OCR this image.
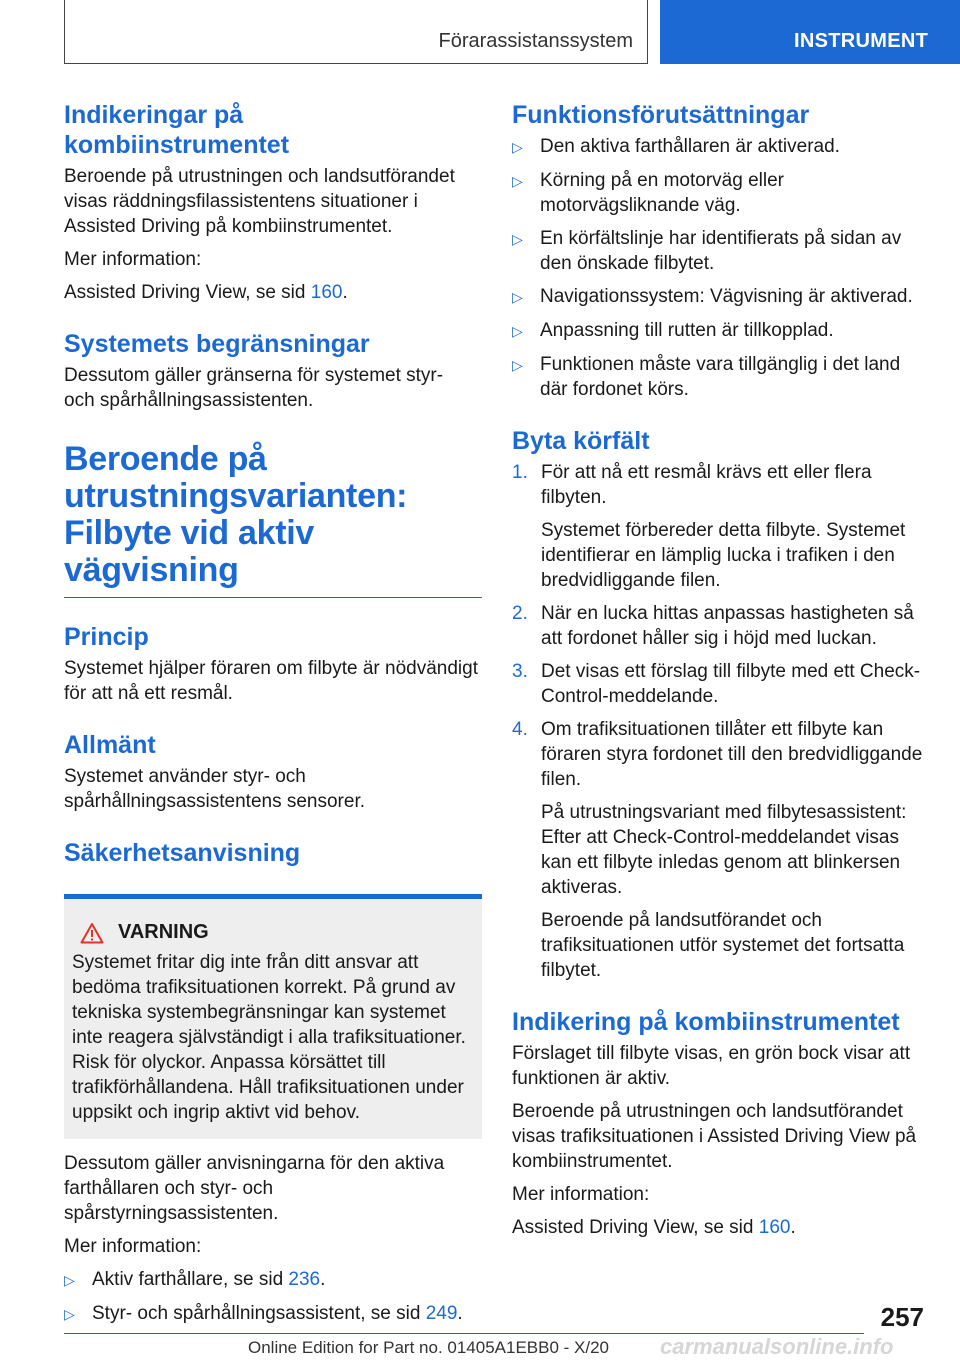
Förarassistanssystem	INSTRUMENT
Indikeringar på kombiinstrumentet

Beroende på utrustningen och landsutförandet visas räddningsfilassistentens situationer i Assisted Driving på kombiinstrumentet.

Mer information:

Assisted Driving View, se sid 160.

Systemets begränsningar

Dessutom gäller gränserna för systemet styr- och spårhållningsassistenten.

Beroende på utrustningsvarianten: Filbyte vid aktiv vägvisning
Princip

Systemet hjälper föraren om filbyte är nödvändigt för att nå ett resmål.

Allmänt

Systemet använder styr- och spårhållningsassistentens sensorer.

Säkerhetsanvisning
VARNING

Systemet fritar dig inte från ditt ansvar att bedöma trafiksituationen korrekt. På grund av tekniska systembegränsningar kan systemet inte reagera självständigt i alla trafiksituationer. Risk för olyckor. Anpassa körsättet till trafikförhållandena. Håll trafiksituationen under uppsikt och ingrip aktivt vid behov.

Dessutom gäller anvisningarna för den aktiva farthållaren och styr- och spårstyrningsassistenten.

Mer information:

▷ Aktiv farthållare, se sid 236.
▷ Styr- och spårhållningsassistent, se sid 249.
Funktionsförutsättningar
▷ Den aktiva farthållaren är aktiverad.
▷ Körning på en motorväg eller motorvägsliknande väg.
▷ En körfältslinje har identifierats på sidan av den önskade filbytet.
▷ Navigationssystem: Vägvisning är aktiverad.
▷ Anpassning till rutten är tillkopplad.
▷ Funktionen måste vara tillgänglig i det land där fordonet körs.
Byta körfält
1. För att nå ett resmål krävs ett eller flera filbyten.

Systemet förbereder detta filbyte. Systemet identifierar en lämplig lucka i trafiken i den bredvidliggande filen.

2. När en lucka hittas anpassas hastigheten så att fordonet håller sig i höjd med luckan.
3. Det visas ett förslag till filbyte med ett Check-Control-meddelande.
4. Om trafiksituationen tillåter ett filbyte kan föraren styra fordonet till den bredvidliggande filen.

På utrustningsvariant med filbytesassistent: Efter att Check-Control-meddelandet visas kan ett filbyte inledas genom att blinkersen aktiveras.

Beroende på landsutförandet och trafiksituationen utför systemet det fortsatta filbytet.

Indikering på kombiinstrumentet

Förslaget till filbyte visas, en grön bock visar att funktionen är aktiv.

Beroende på utrustningen och landsutförandet visas trafiksituationen i Assisted Driving View på kombiinstrumentet.

Mer information:

Assisted Driving View, se sid 160.

257
Online Edition for Part no. 01405A1EBB0 - X/20 carmanualsonline.info
